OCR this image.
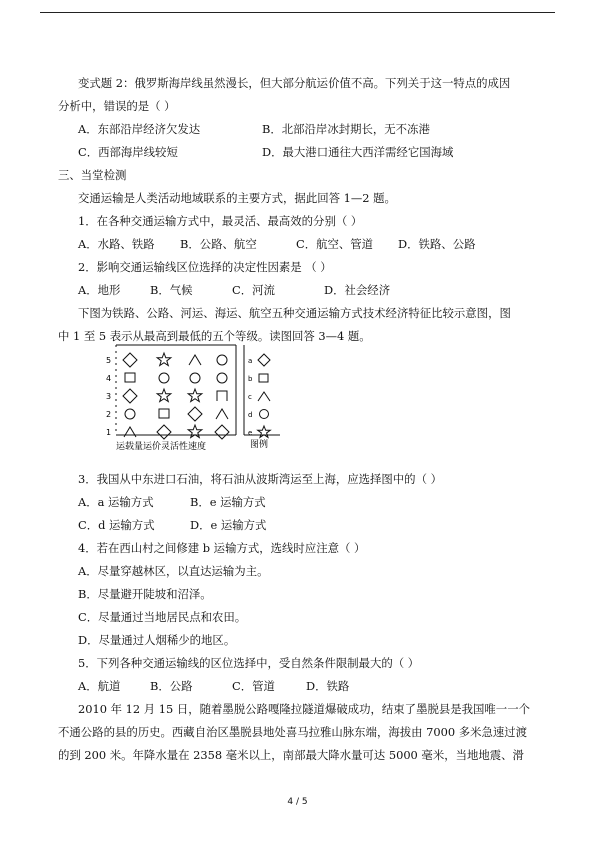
变式题 2：俄罗斯海岸线虽然漫长，但大部分航运价值不高。下列关于这一特点的成因
分析中，错误的是（ ）
A．东部沿岸经济欠发达	B．北部沿岸冰封期长，无不冻港
C．西部海岸线较短	D．最大港口通往大西洋需经它国海域
三、当堂检测
交通运输是人类活动地域联系的主要方式，据此回答 1—2 题。
1．在各种交通运输方式中，最灵活、最高效的分别（ ）
A．水路、铁路 B．公路、航空	C．航空、管道 D．铁路、公路
2．影响交通运输线区位选择的决定性因素是 （ ）
A．地形	B．气候	C．河流	D．社会经济
下图为铁路、公路、河运、海运、航空五种交通运输方式技术经济特征比较示意图，图
中 1 至 5 表示从最高到最低的五个等级。读图回答 3—4 题。
5
4
3
2
1
a
b
c
d
e
运载量运价灵活性速度	图例
3．我国从中东进口石油，将石油从波斯湾运至上海，应选择图中的（ ）
A．a 运输方式	B．e 运输方式
C．d 运输方式	D．e 运输方式
4．若在西山村之间修建 b 运输方式，选线时应注意（ ）
A．尽量穿越林区，以直达运输为主。
B．尽量避开陡坡和沼泽。
C．尽量通过当地居民点和农田。
D．尽量通过人烟稀少的地区。
5．下列各种交通运输线的区位选择中，受自然条件限制最大的（ ）
A．航道	B．公路	C．管道	D．铁路
2010 年 12 月 15 日，随着墨脱公路嘎隆拉隧道爆破成功，结束了墨脱县是我国唯一一个
不通公路的县的历史。西藏自治区墨脱县地处喜马拉雅山脉东端，海拔由 7000 多米急速过渡
的到 200 米。年降水量在 2358 毫米以上，南部最大降水量可达 5000 毫米，当地地震、滑
4 / 5
